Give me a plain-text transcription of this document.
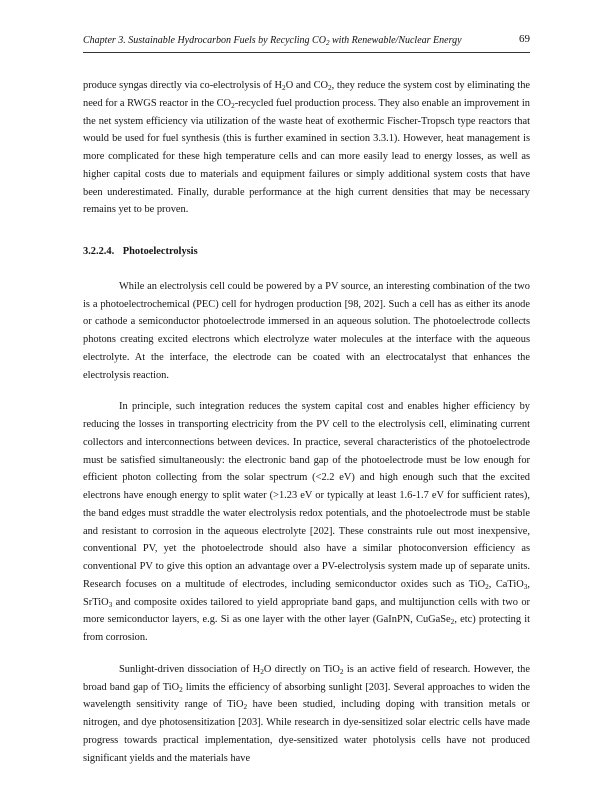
Chapter 3. Sustainable Hydrocarbon Fuels by Recycling $CO_2$ with Renewable/Nuclear Energy	69

produce syngas directly via co-electrolysis of $H_2O$ and $CO_2$, they reduce the system cost by eliminating the need for a RWGS reactor in the $CO_2$-recycled fuel production process. They also enable an improvement in the net system efficiency via utilization of the waste heat of exothermic Fischer-Tropsch type reactors that would be used for fuel synthesis (this is further examined in section 3.3.1). However, heat management is more complicated for these high temperature cells and can more easily lead to energy losses, as well as higher capital costs due to materials and equipment failures or simply additional system costs that have been underestimated. Finally, durable performance at the high current densities that may be necessary remains yet to be proven.

3.2.2.4. Photoelectrolysis

While an electrolysis cell could be powered by a PV source, an interesting combination of the two is a photoelectrochemical (PEC) cell for hydrogen production [98, 202]. Such a cell has as either its anode or cathode a semiconductor photoelectrode immersed in an aqueous solution. The photoelectrode collects photons creating excited electrons which electrolyze water molecules at the interface with the aqueous electrolyte. At the interface, the electrode can be coated with an electrocatalyst that enhances the electrolysis reaction.

In principle, such integration reduces the system capital cost and enables higher efficiency by reducing the losses in transporting electricity from the PV cell to the electrolysis cell, eliminating current collectors and interconnections between devices. In practice, several characteristics of the photoelectrode must be satisfied simultaneously: the electronic band gap of the photoelectrode must be low enough for efficient photon collecting from the solar spectrum (<2.2 eV) and high enough such that the excited electrons have enough energy to split water (>1.23 eV or typically at least 1.6-1.7 eV for sufficient rates), the band edges must straddle the water electrolysis redox potentials, and the photoelectrode must be stable and resistant to corrosion in the aqueous electrolyte [202]. These constraints rule out most inexpensive, conventional PV, yet the photoelectrode should also have a similar photoconversion efficiency as conventional PV to give this option an advantage over a PV-electrolysis system made up of separate units. Research focuses on a multitude of electrodes, including semiconductor oxides such as TiO$_2$, CaTiO$_3$, SrTiO$_3$ and composite oxides tailored to yield appropriate band gaps, and multijunction cells with two or more semiconductor layers, e.g. Si as one layer with the other layer (GaInPN, CuGaSe$_2$, etc) protecting it from corrosion.

Sunlight-driven dissociation of $H_2O$ directly on TiO$_2$ is an active field of research. However, the broad band gap of TiO$_2$ limits the efficiency of absorbing sunlight [203]. Several approaches to widen the wavelength sensitivity range of TiO$_2$ have been studied, including doping with transition metals or nitrogen, and dye photosensitization [203]. While research in dye-sensitized solar electric cells have made progress towards practical implementation, dye-sensitized water photolysis cells have not produced significant yields and the materials have
